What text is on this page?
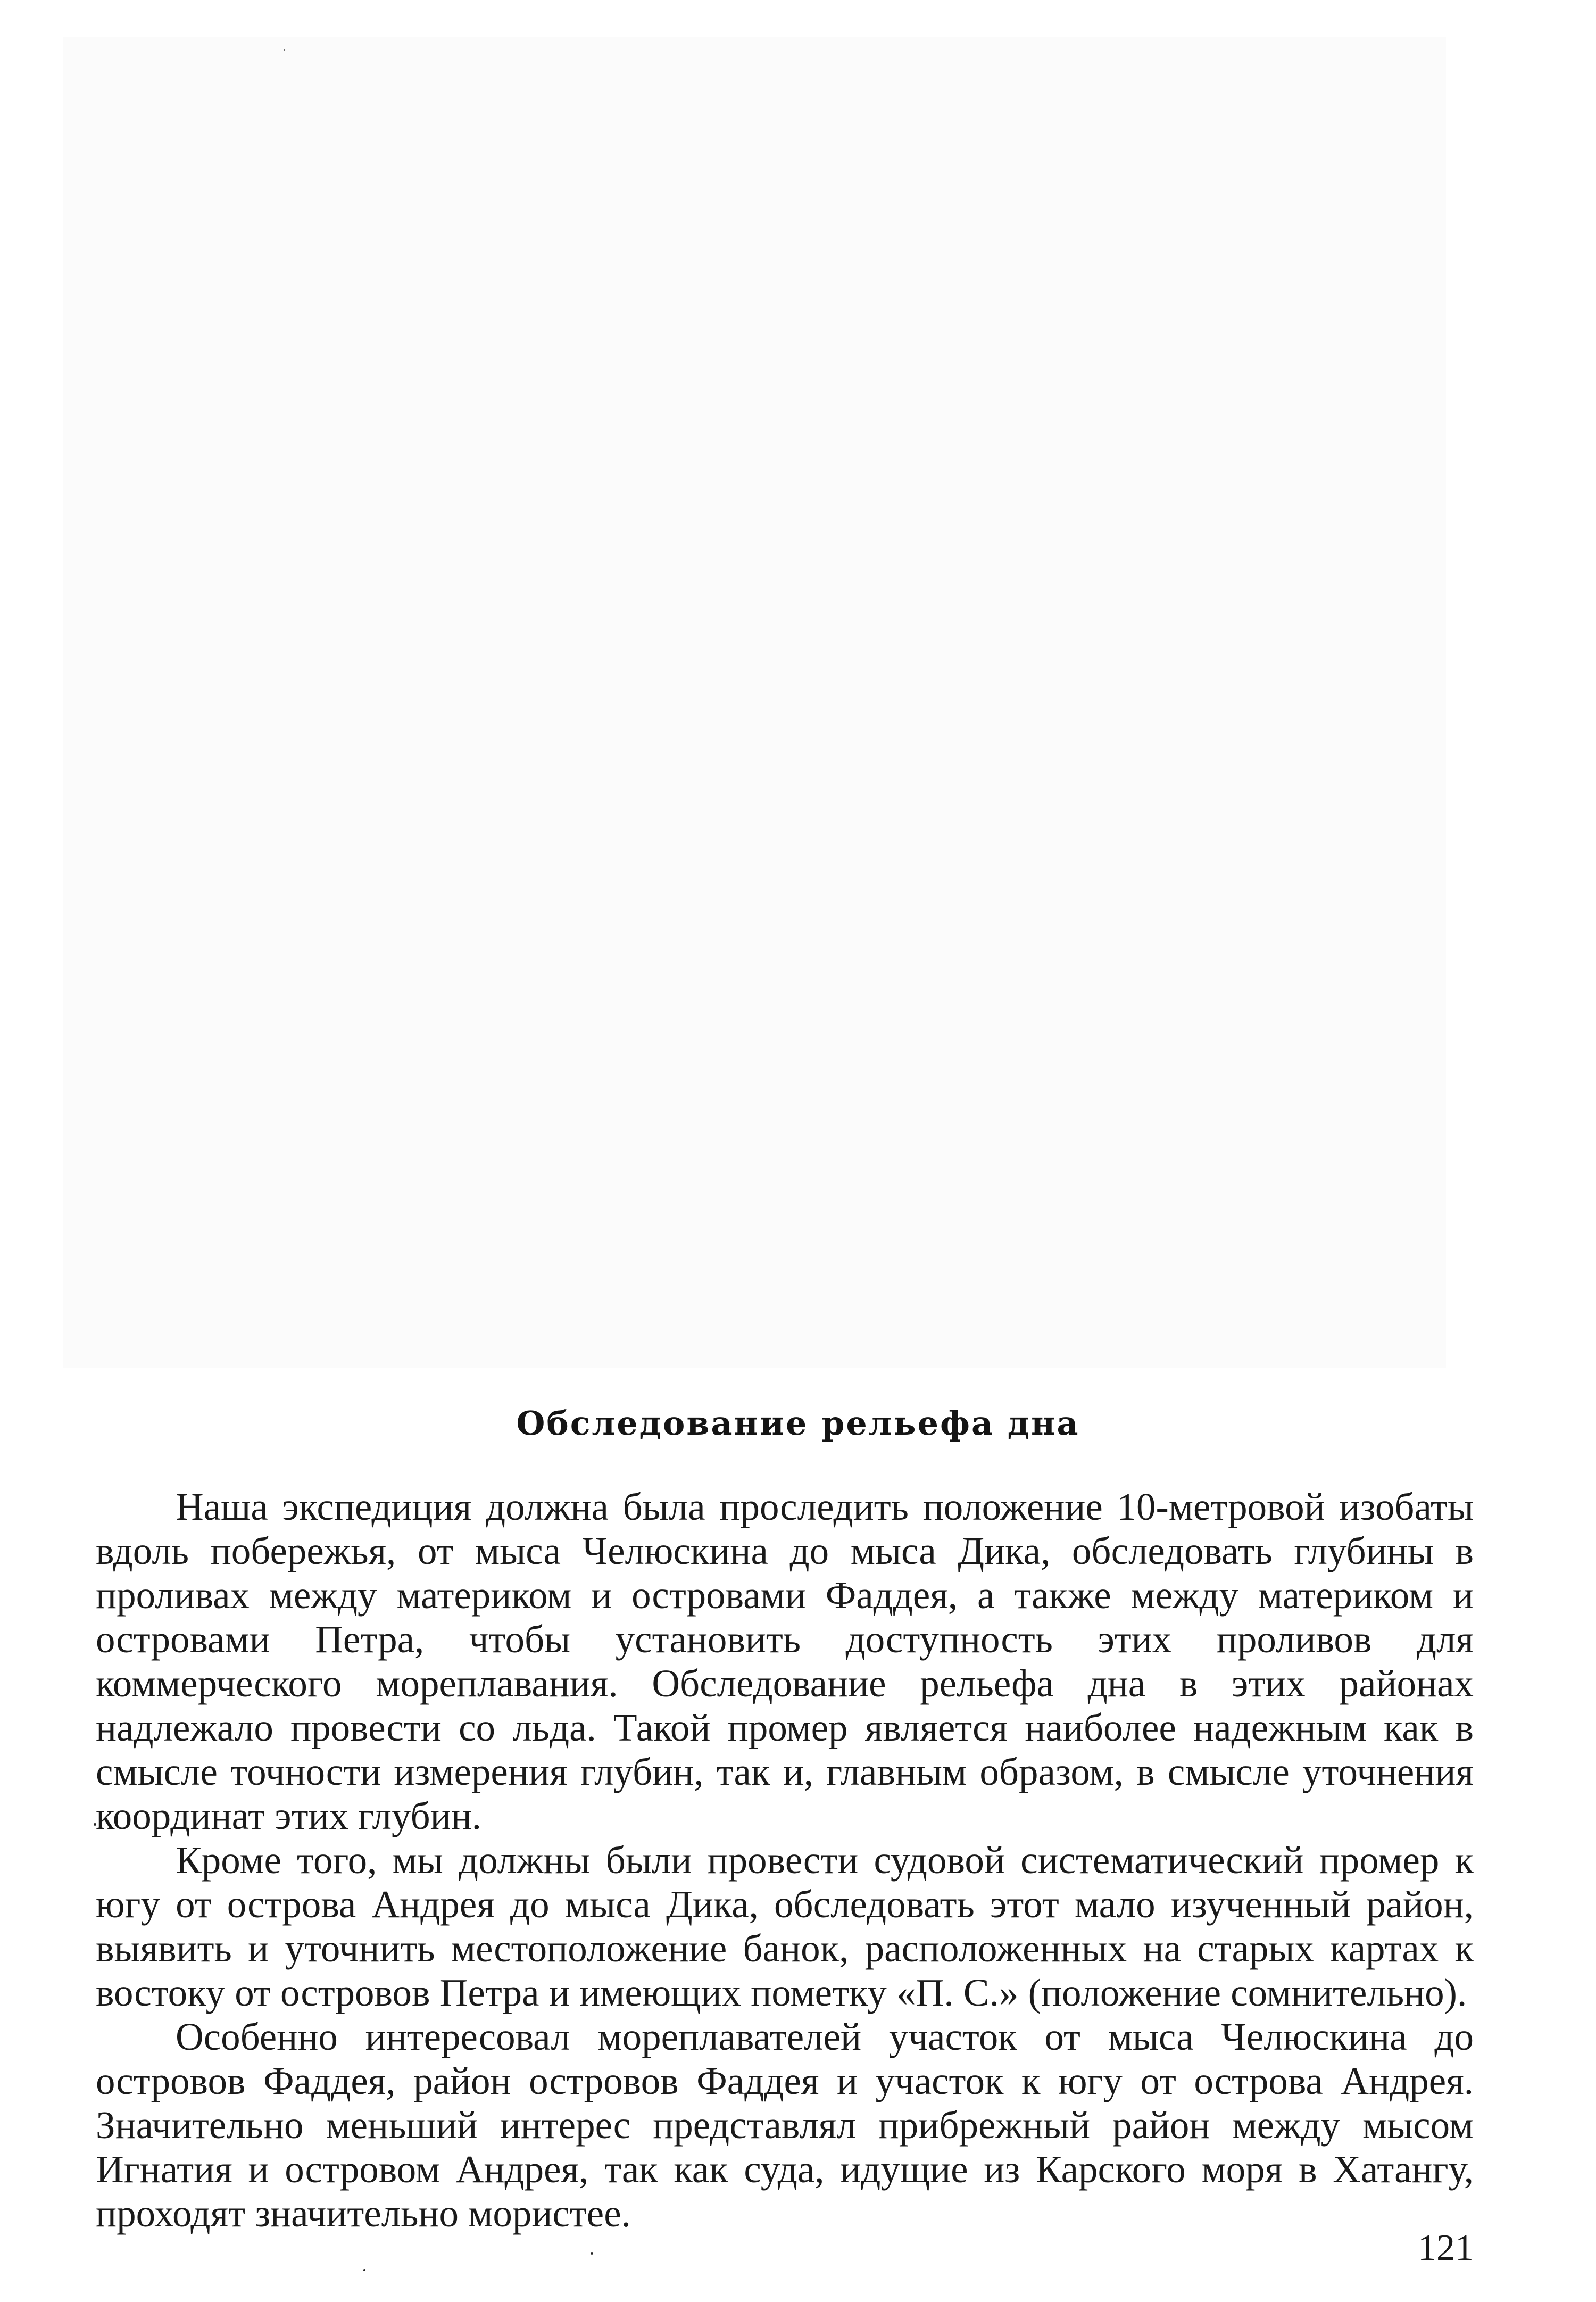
Обследование рельефа дна

Наша экспедиция должна была проследить положение 10-метровой изобаты вдоль побережья, от мыса Челюскина до мыса Дика, обследовать глубины в проливах между материком и островами Фаддея, а также между материком и островами Петра, чтобы установить доступность этих проливов для коммерческого мореплавания. Обследование рельефа дна в этих районах надлежало провести со льда. Такой промер является наиболее надежным как в смысле точности измерения глубин, так и, главным образом, в смысле уточнения координат этих глубин.

Кроме того, мы должны были провести судовой систематический промер к югу от острова Андрея до мыса Дика, обследовать этот мало изученный район, выявить и уточнить местоположение банок, расположенных на старых картах к востоку от островов Петра и имеющих пометку «П. С.» (положение сомнительно).

Особенно интересовал мореплавателей участок от мыса Челюскина до островов Фаддея, район островов Фаддея и участок к югу от острова Андрея. Значительно меньший интерес представлял прибрежный район между мысом Игнатия и островом Андрея, так как суда, идущие из Карского моря в Хатангу, проходят значительно мористее.

121
